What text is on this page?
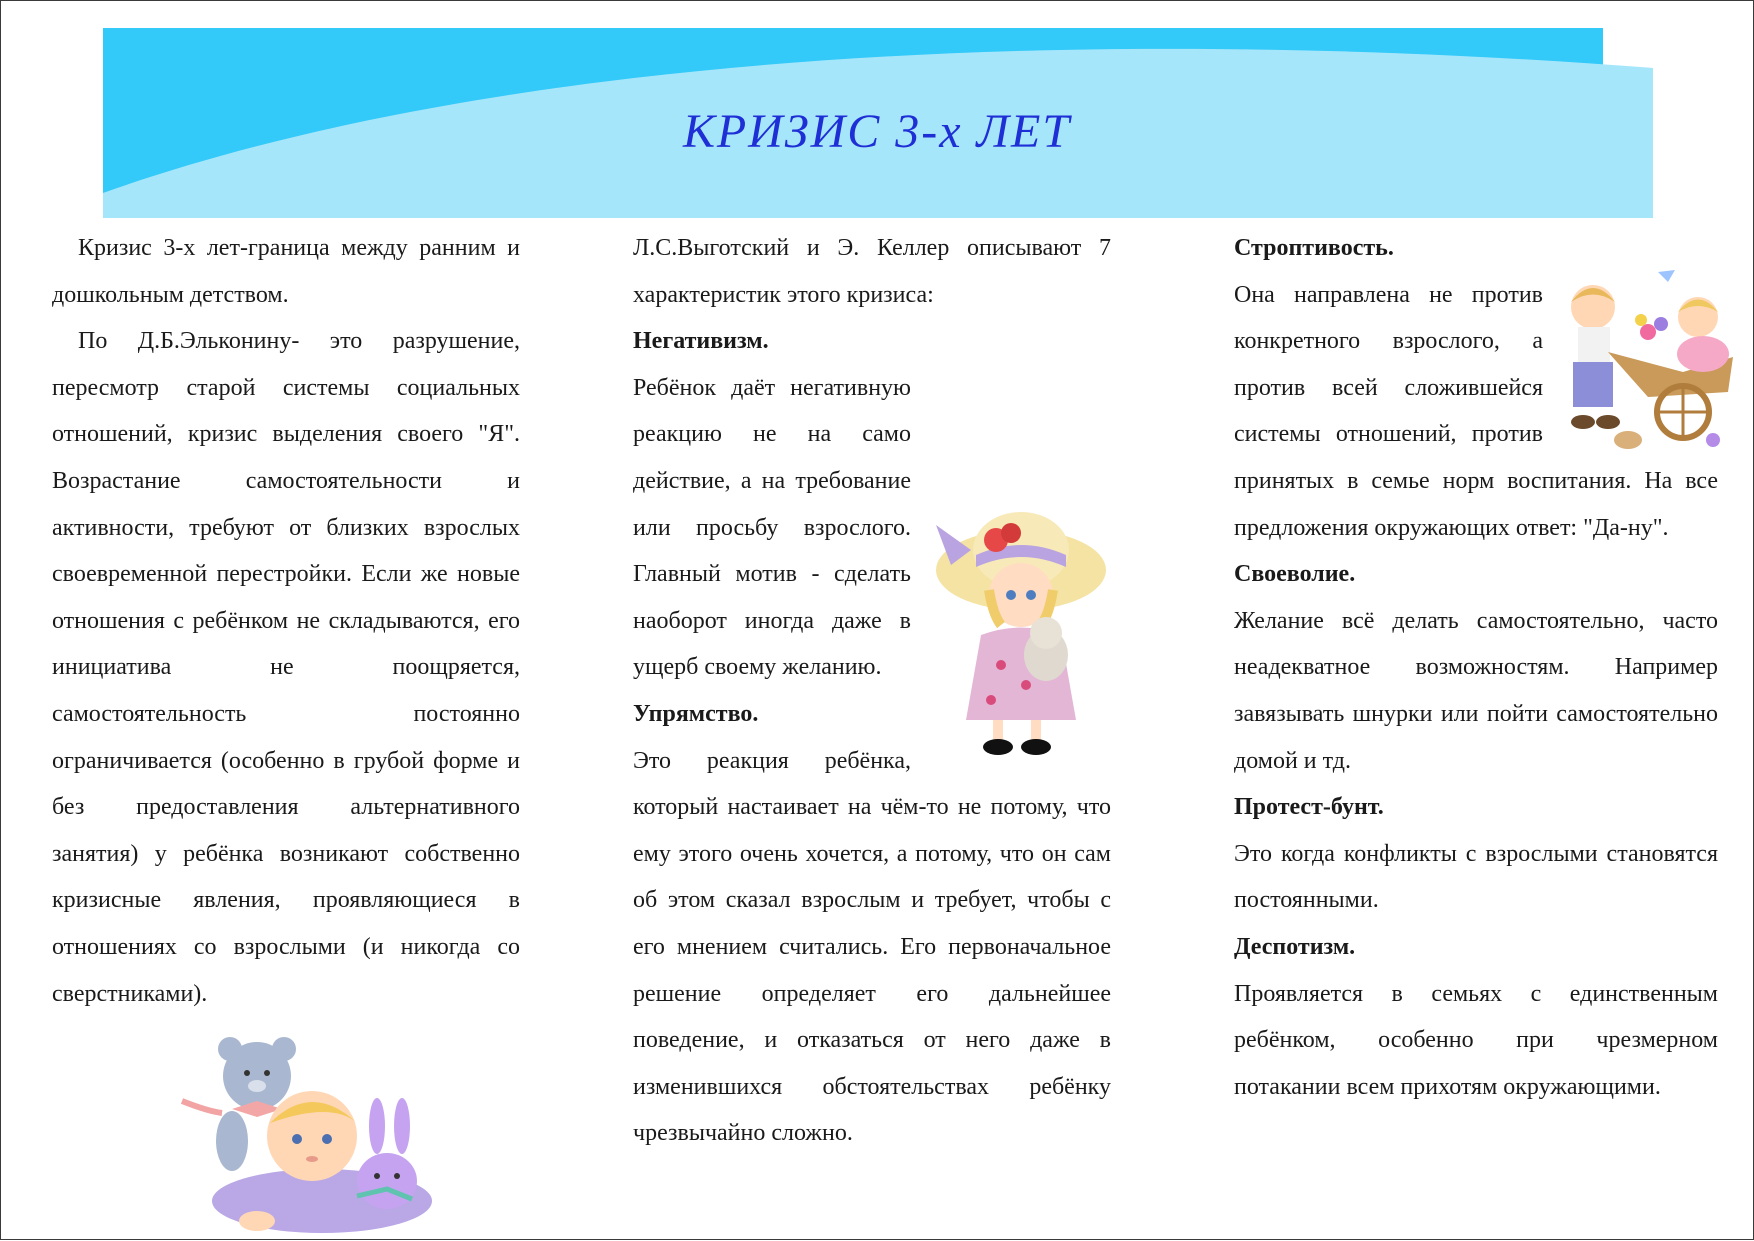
КРИЗИС 3-х ЛЕТ

Кризис 3-х лет-граница между ранним и дошкольным детством.

По Д.Б.Эльконину- это разрушение, пересмотр старой системы социальных отношений, кризис выделения своего "Я". Возрастание самостоятельности и активности, требуют от близких взрослых своевременной перестройки. Если же новые отношения с ребёнком не складываются, его инициатива не поощряется, самостоятельность постоянно ограничивается (особенно в грубой форме и без предоставления альтернативного занятия) у ребёнка возникают собственно кризисные явления, проявляющиеся в отношениях со взрослыми (и никогда со сверстниками).

Л.С.Выготский и Э. Келлер описывают 7 характеристик этого кризиса:

Негативизм.

Ребёнок даёт негативную реакцию не на само действие, а на требование или просьбу взрослого. Главный мотив - сделать наоборот иногда даже в ущерб своему желанию.

Упрямство.

Это реакция ребёнка, который настаивает на чём-то не потому, что ему этого очень хочется, а потому, что он сам об этом сказал взрослым и требует, чтобы с его мнением считались. Его первоначальное решение определяет его дальнейшее поведение, и отказаться от него даже в изменившихся обстоятельствах ребёнку чрезвычайно сложно.

Строптивость.

Она направлена не против конкретного взрослого, а против всей сложившейся системы отношений, против принятых в семье норм воспитания. На все предложения окружающих ответ: "Да-ну".

Своеволие.

Желание всё делать самостоятельно, часто неадекватное возможностям. Например завязывать шнурки или пойти самостоятельно домой и тд.

Протест-бунт.

Это когда конфликты с взрослыми становятся постоянными.

Деспотизм.

Проявляется в семьях с единственным ребёнком, особенно при чрезмерном потакании всем прихотям окружающими.
